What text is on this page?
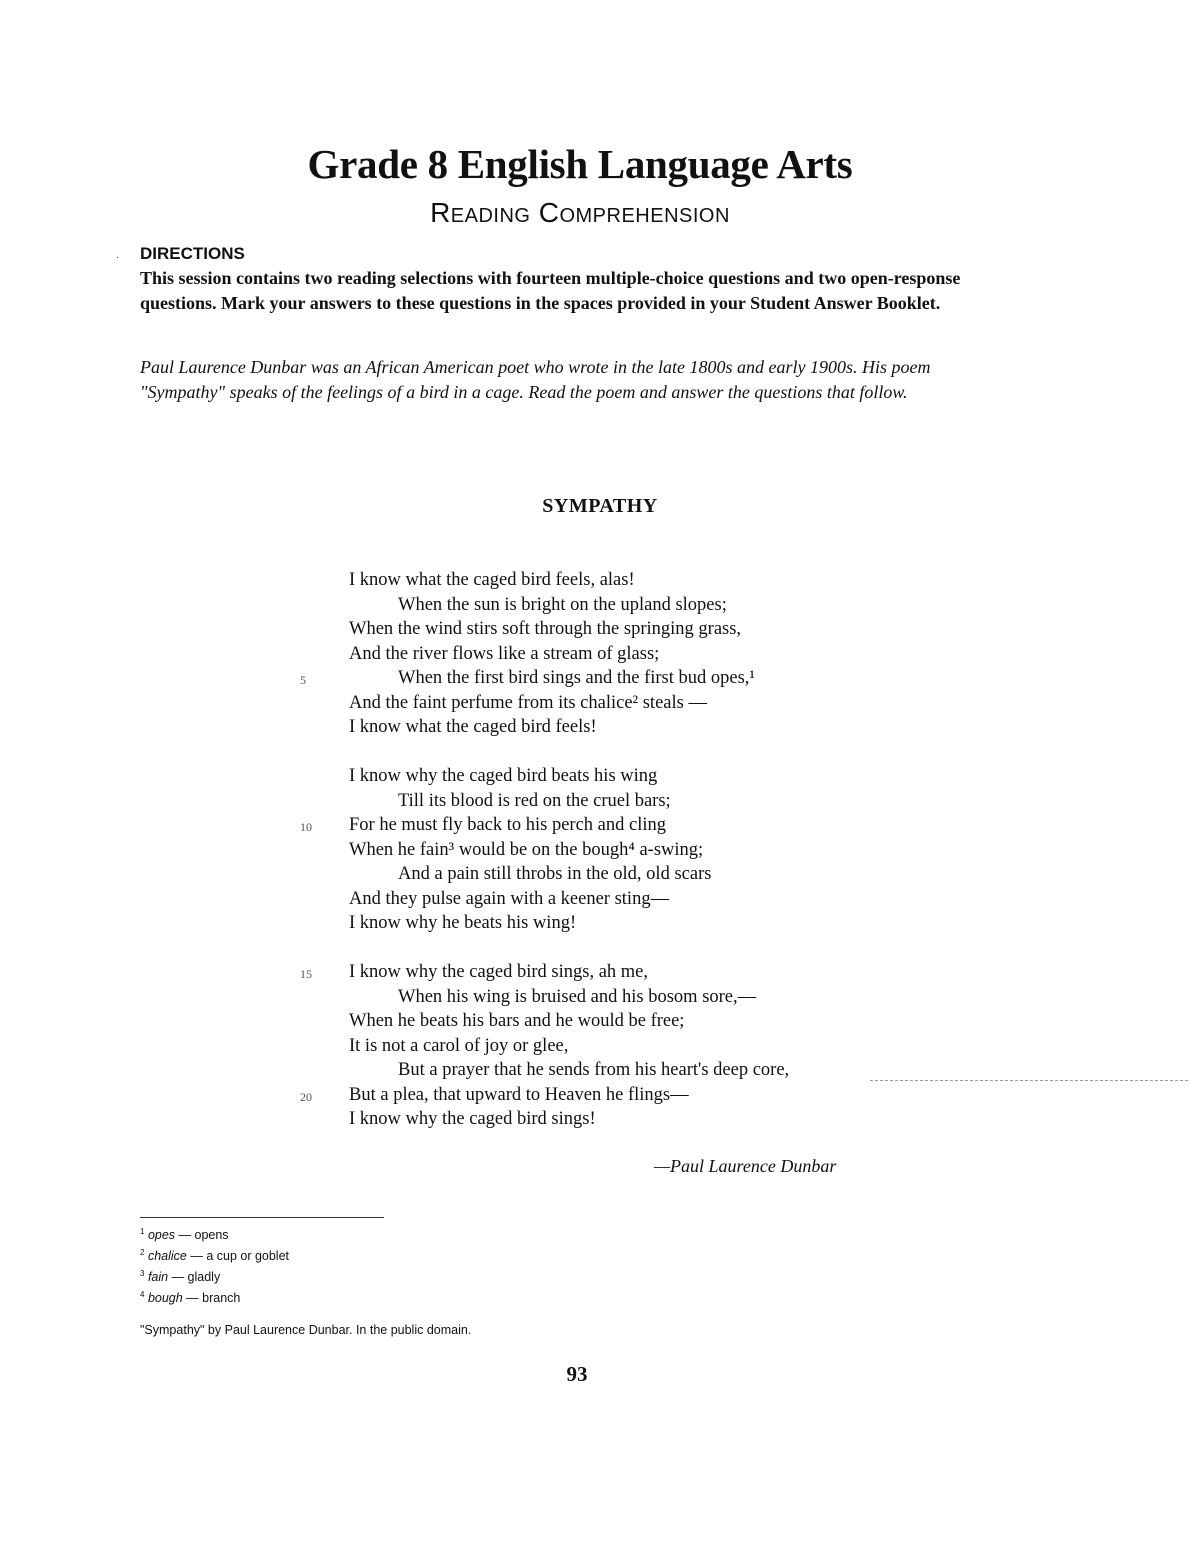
Grade 8 English Language Arts
Reading Comprehension
· DIRECTIONS
This session contains two reading selections with fourteen multiple-choice questions and two open-response questions. Mark your answers to these questions in the spaces provided in your Student Answer Booklet.
Paul Laurence Dunbar was an African American poet who wrote in the late 1800s and early 1900s. His poem "Sympathy" speaks of the feelings of a bird in a cage. Read the poem and answer the questions that follow.
SYMPATHY
I know what the caged bird feels, alas!
When the sun is bright on the upland slopes;
When the wind stirs soft through the springing grass,
And the river flows like a stream of glass;
5	When the first bird sings and the first bud opes,¹
And the faint perfume from its chalice² steals —
I know what the caged bird feels!
I know why the caged bird beats his wing
Till its blood is red on the cruel bars;
10 For he must fly back to his perch and cling
When he fain³ would be on the bough⁴ a-swing;
And a pain still throbs in the old, old scars
And they pulse again with a keener sting—
I know why he beats his wing!
15 I know why the caged bird sings, ah me,
When his wing is bruised and his bosom sore,—
When he beats his bars and he would be free;
It is not a carol of joy or glee,
But a prayer that he sends from his heart's deep core,
20 But a plea, that upward to Heaven he flings—
I know why the caged bird sings!
—Paul Laurence Dunbar
$^1$ opes — opens
$^2$ chalice — a cup or goblet
$^3$ fain — gladly
$^4$ bough — branch
"Sympathy" by Paul Laurence Dunbar. In the public domain.
93
